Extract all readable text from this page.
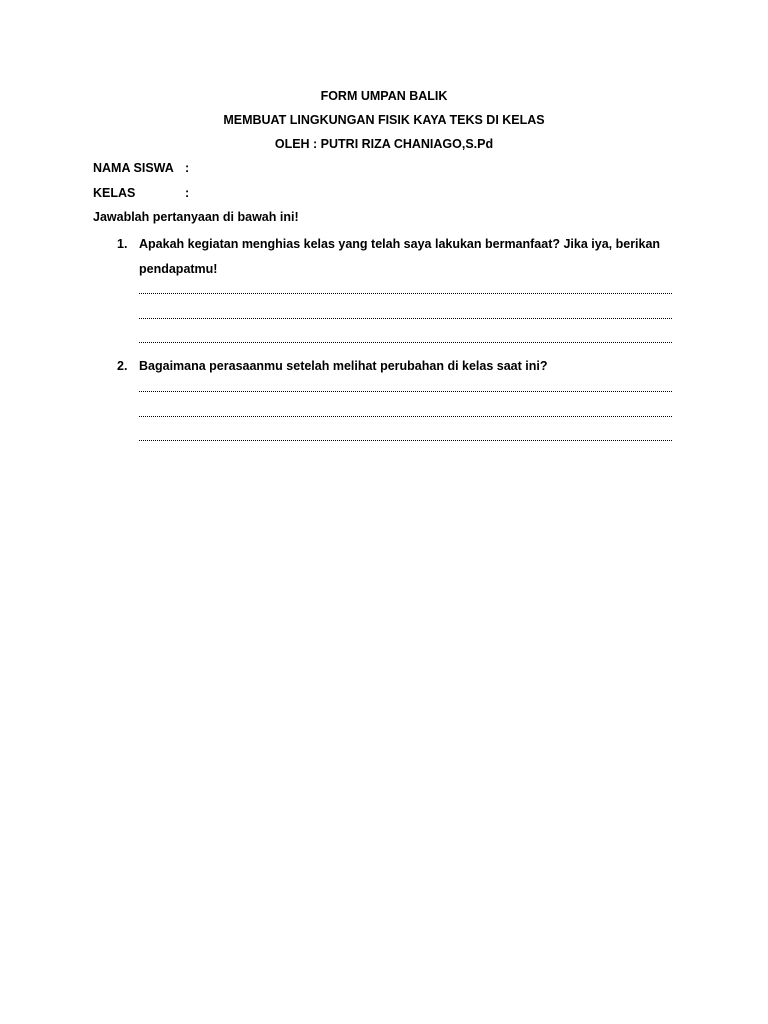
FORM UMPAN BALIK
MEMBUAT LINGKUNGAN FISIK KAYA TEKS DI KELAS
OLEH : PUTRI RIZA CHANIAGO,S.Pd
NAMA SISWA :
KELAS	:
Jawablah pertanyaan di bawah ini!
1. Apakah kegiatan menghias kelas yang telah saya lakukan bermanfaat? Jika iya, berikan pendapatmu!
2. Bagaimana perasaanmu setelah melihat perubahan di kelas saat ini?
